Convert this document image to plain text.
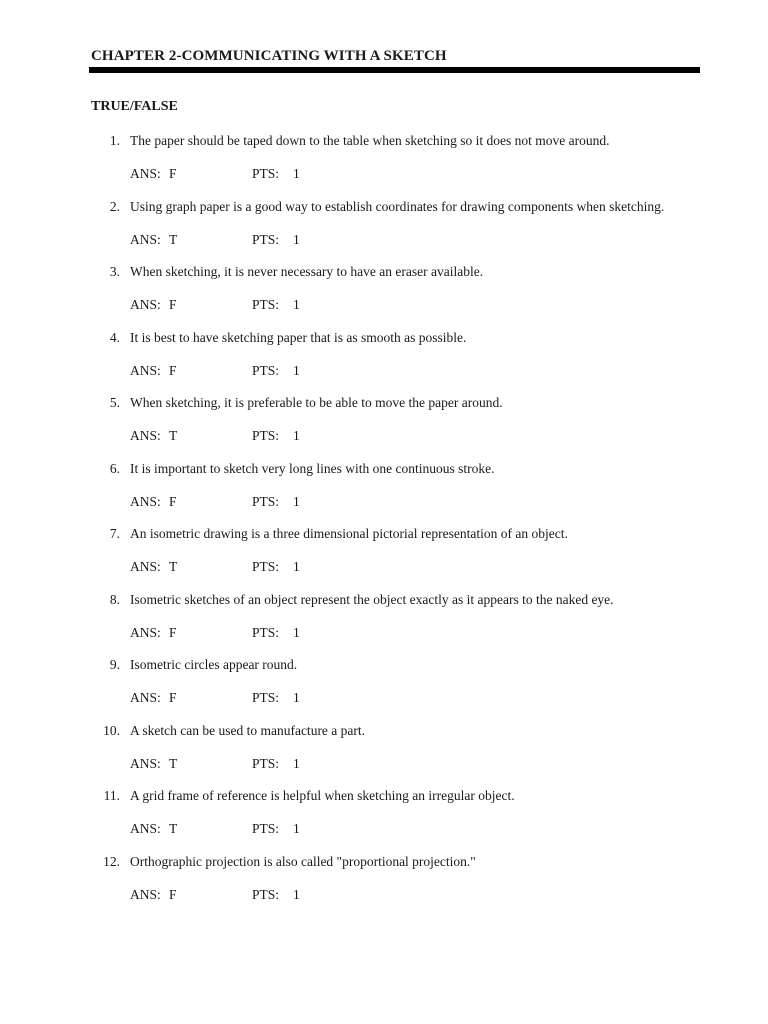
CHAPTER 2-COMMUNICATING WITH A SKETCH
TRUE/FALSE
1. The paper should be taped down to the table when sketching so it does not move around.
ANS: F	PTS: 1
2. Using graph paper is a good way to establish coordinates for drawing components when sketching.
ANS: T	PTS: 1
3. When sketching, it is never necessary to have an eraser available.
ANS: F	PTS: 1
4. It is best to have sketching paper that is as smooth as possible.
ANS: F	PTS: 1
5. When sketching, it is preferable to be able to move the paper around.
ANS: T	PTS: 1
6. It is important to sketch very long lines with one continuous stroke.
ANS: F	PTS: 1
7. An isometric drawing is a three dimensional pictorial representation of an object.
ANS: T	PTS: 1
8. Isometric sketches of an object represent the object exactly as it appears to the naked eye.
ANS: F	PTS: 1
9. Isometric circles appear round.
ANS: F	PTS: 1
10. A sketch can be used to manufacture a part.
ANS: T	PTS: 1
11. A grid frame of reference is helpful when sketching an irregular object.
ANS: T	PTS: 1
12. Orthographic projection is also called "proportional projection."
ANS: F	PTS: 1
